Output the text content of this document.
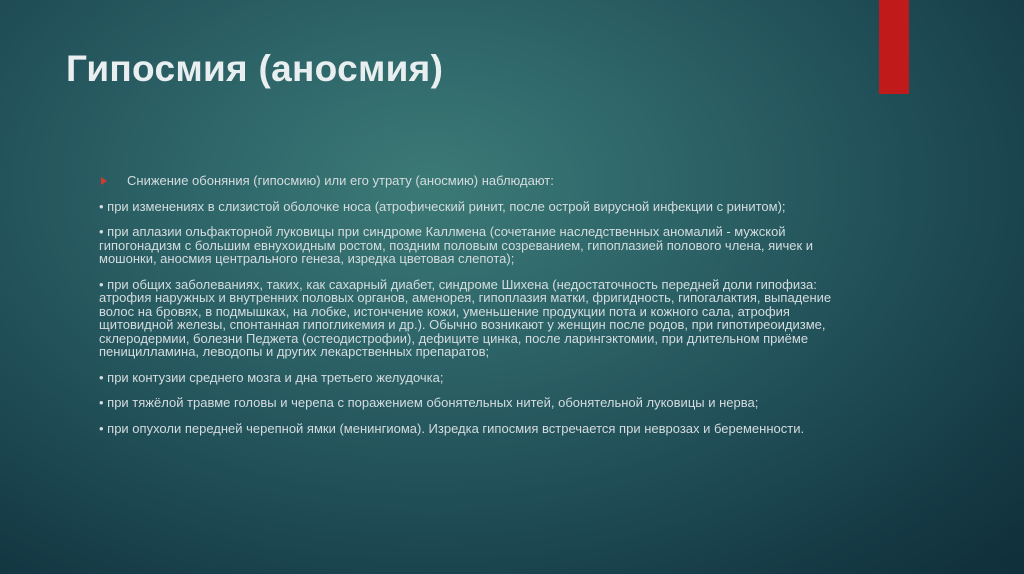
Гипосмия (аносмия)
Снижение обоняния (гипосмию) или его утрату (аносмию) наблюдают:

• при изменениях в слизистой оболочке носа (атрофический ринит, после острой вирусной инфекции с ринитом);

• при аплазии ольфакторной луковицы при синдроме Каллмена (сочетание наследственных аномалий - мужской гипогонадизм с большим евнухоидным ростом, поздним половым созреванием, гипоплазией полового члена, яичек и мошонки, аносмия центрального генеза, изредка цветовая слепота);

• при общих заболеваниях, таких, как сахарный диабет, синдроме Шихена (недостаточность передней доли гипофиза: атрофия наружных и внутренних половых органов, аменорея, гипоплазия матки, фригидность, гипогалактия, выпадение волос на бровях, в подмышках, на лобке, истончение кожи, уменьшение продукции пота и кожного сала, атрофия щитовидной железы, спонтанная гипогликемия и др.). Обычно возникают у женщин после родов, при гипотиреоидизме, склеродермии, болезни Педжета (остеодистрофии), дефиците цинка, после ларингэктомии, при длительном приёме пеницилламина, леводопы и других лекарственных препаратов;

• при контузии среднего мозга и дна третьего желудочка;

• при тяжёлой травме головы и черепа с поражением обонятельных нитей, обонятельной луковицы и нерва;

• при опухоли передней черепной ямки (менингиома). Изредка гипосмия встречается при неврозах и беременности.
